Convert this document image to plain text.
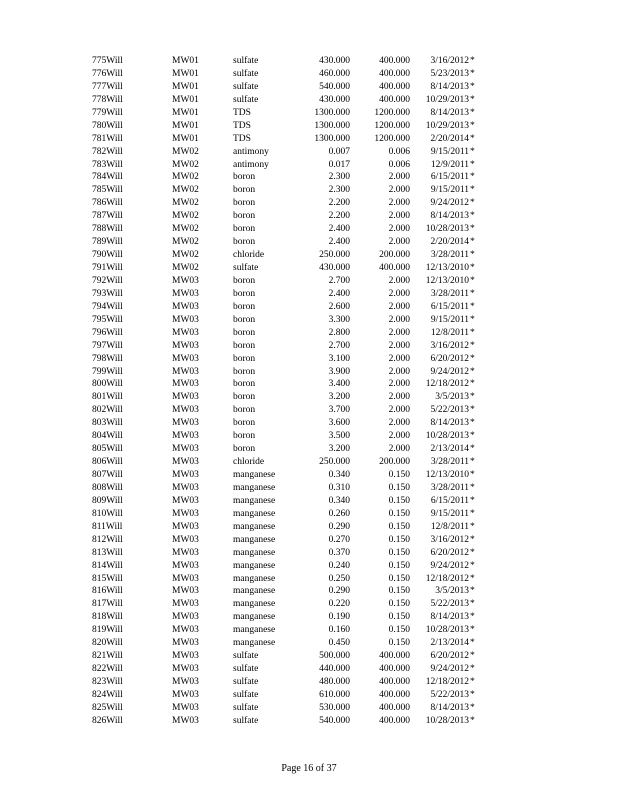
775Will	MW01	sulfate	430.000	400.000	3/16/2012 *
776Will	MW01	sulfate	460.000	400.000	5/23/2013 *
777Will	MW01	sulfate	540.000	400.000	8/14/2013 *
778Will	MW01	sulfate	430.000	400.000	10/29/2013 *
779Will	MW01	TDS	1300.000	1200.000	8/14/2013 *
780Will	MW01	TDS	1300.000	1200.000	10/29/2013 *
781Will	MW01	TDS	1300.000	1200.000	2/20/2014 *
782Will	MW02	antimony	0.007	0.006	9/15/2011 *
783Will	MW02	antimony	0.017	0.006	12/9/2011 *
784Will	MW02	boron	2.300	2.000	6/15/2011 *
785Will	MW02	boron	2.300	2.000	9/15/2011 *
786Will	MW02	boron	2.200	2.000	9/24/2012 *
787Will	MW02	boron	2.200	2.000	8/14/2013 *
788Will	MW02	boron	2.400	2.000	10/28/2013 *
789Will	MW02	boron	2.400	2.000	2/20/2014 *
790Will	MW02	chloride	250.000	200.000	3/28/2011 *
791Will	MW02	sulfate	430.000	400.000	12/13/2010 *
792Will	MW03	boron	2.700	2.000	12/13/2010 *
793Will	MW03	boron	2.400	2.000	3/28/2011 *
794Will	MW03	boron	2.600	2.000	6/15/2011 *
795Will	MW03	boron	3.300	2.000	9/15/2011 *
796Will	MW03	boron	2.800	2.000	12/8/2011 *
797Will	MW03	boron	2.700	2.000	3/16/2012 *
798Will	MW03	boron	3.100	2.000	6/20/2012 *
799Will	MW03	boron	3.900	2.000	9/24/2012 *
800Will	MW03	boron	3.400	2.000	12/18/2012 *
801Will	MW03	boron	3.200	2.000	3/5/2013 *
802Will	MW03	boron	3.700	2.000	5/22/2013 *
803Will	MW03	boron	3.600	2.000	8/14/2013 *
804Will	MW03	boron	3.500	2.000	10/28/2013 *
805Will	MW03	boron	3.200	2.000	2/13/2014 *
806Will	MW03	chloride	250.000	200.000	3/28/2011 *
807Will	MW03	manganese	0.340	0.150	12/13/2010 *
808Will	MW03	manganese	0.310	0.150	3/28/2011 *
809Will	MW03	manganese	0.340	0.150	6/15/2011 *
810Will	MW03	manganese	0.260	0.150	9/15/2011 *
811Will	MW03	manganese	0.290	0.150	12/8/2011 *
812Will	MW03	manganese	0.270	0.150	3/16/2012 *
813Will	MW03	manganese	0.370	0.150	6/20/2012 *
814Will	MW03	manganese	0.240	0.150	9/24/2012 *
815Will	MW03	manganese	0.250	0.150	12/18/2012 *
816Will	MW03	manganese	0.290	0.150	3/5/2013 *
817Will	MW03	manganese	0.220	0.150	5/22/2013 *
818Will	MW03	manganese	0.190	0.150	8/14/2013 *
819Will	MW03	manganese	0.160	0.150	10/28/2013 *
820Will	MW03	manganese	0.450	0.150	2/13/2014 *
821Will	MW03	sulfate	500.000	400.000	6/20/2012 *
822Will	MW03	sulfate	440.000	400.000	9/24/2012 *
823Will	MW03	sulfate	480.000	400.000	12/18/2012 *
824Will	MW03	sulfate	610.000	400.000	5/22/2013 *
825Will	MW03	sulfate	530.000	400.000	8/14/2013 *
826Will	MW03	sulfate	540.000	400.000	10/28/2013 *
Page 16 of 37
